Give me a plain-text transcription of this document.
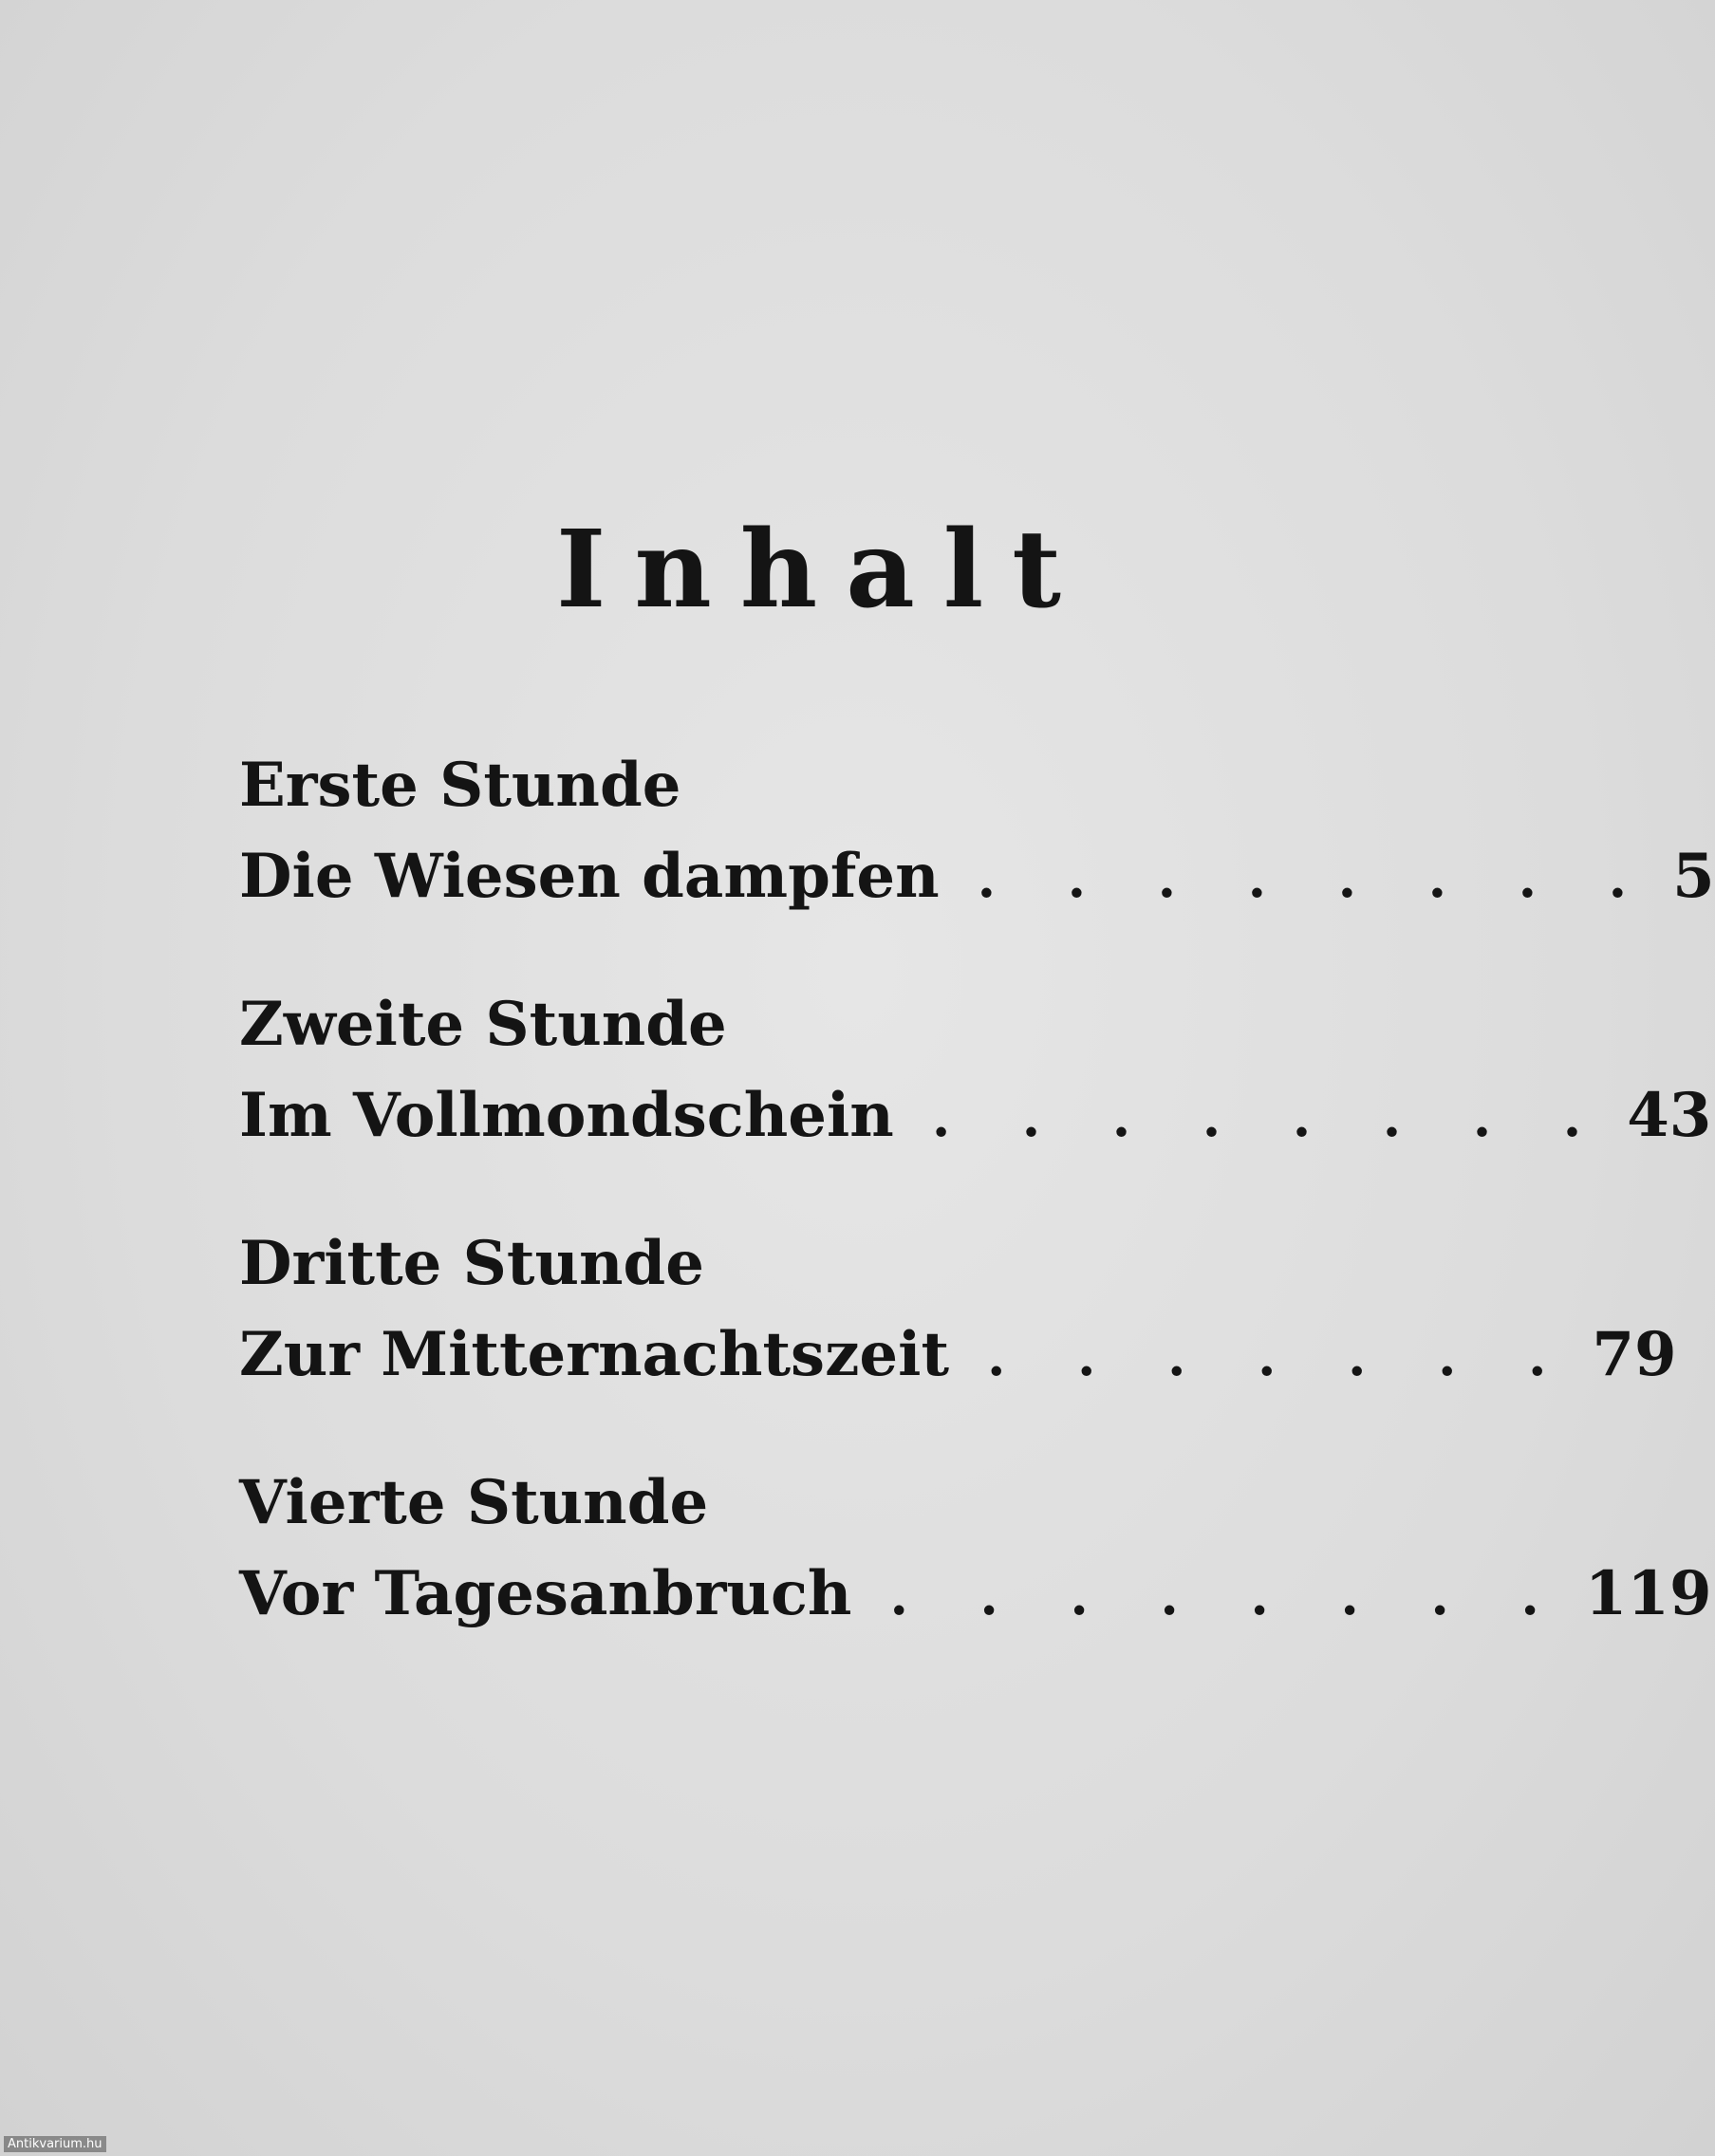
Inhalt
Erste Stunde
Die Wiesen dampfen . . . . . . . . 5
Zweite Stunde
Im Vollmondschein . . . . . . . . 43
Dritte Stunde
Zur Mitternachtszeit . . . . . . . 79
Vierte Stunde
Vor Tagesanbruch . . . . . . . . 119
Antikvarium.hu
